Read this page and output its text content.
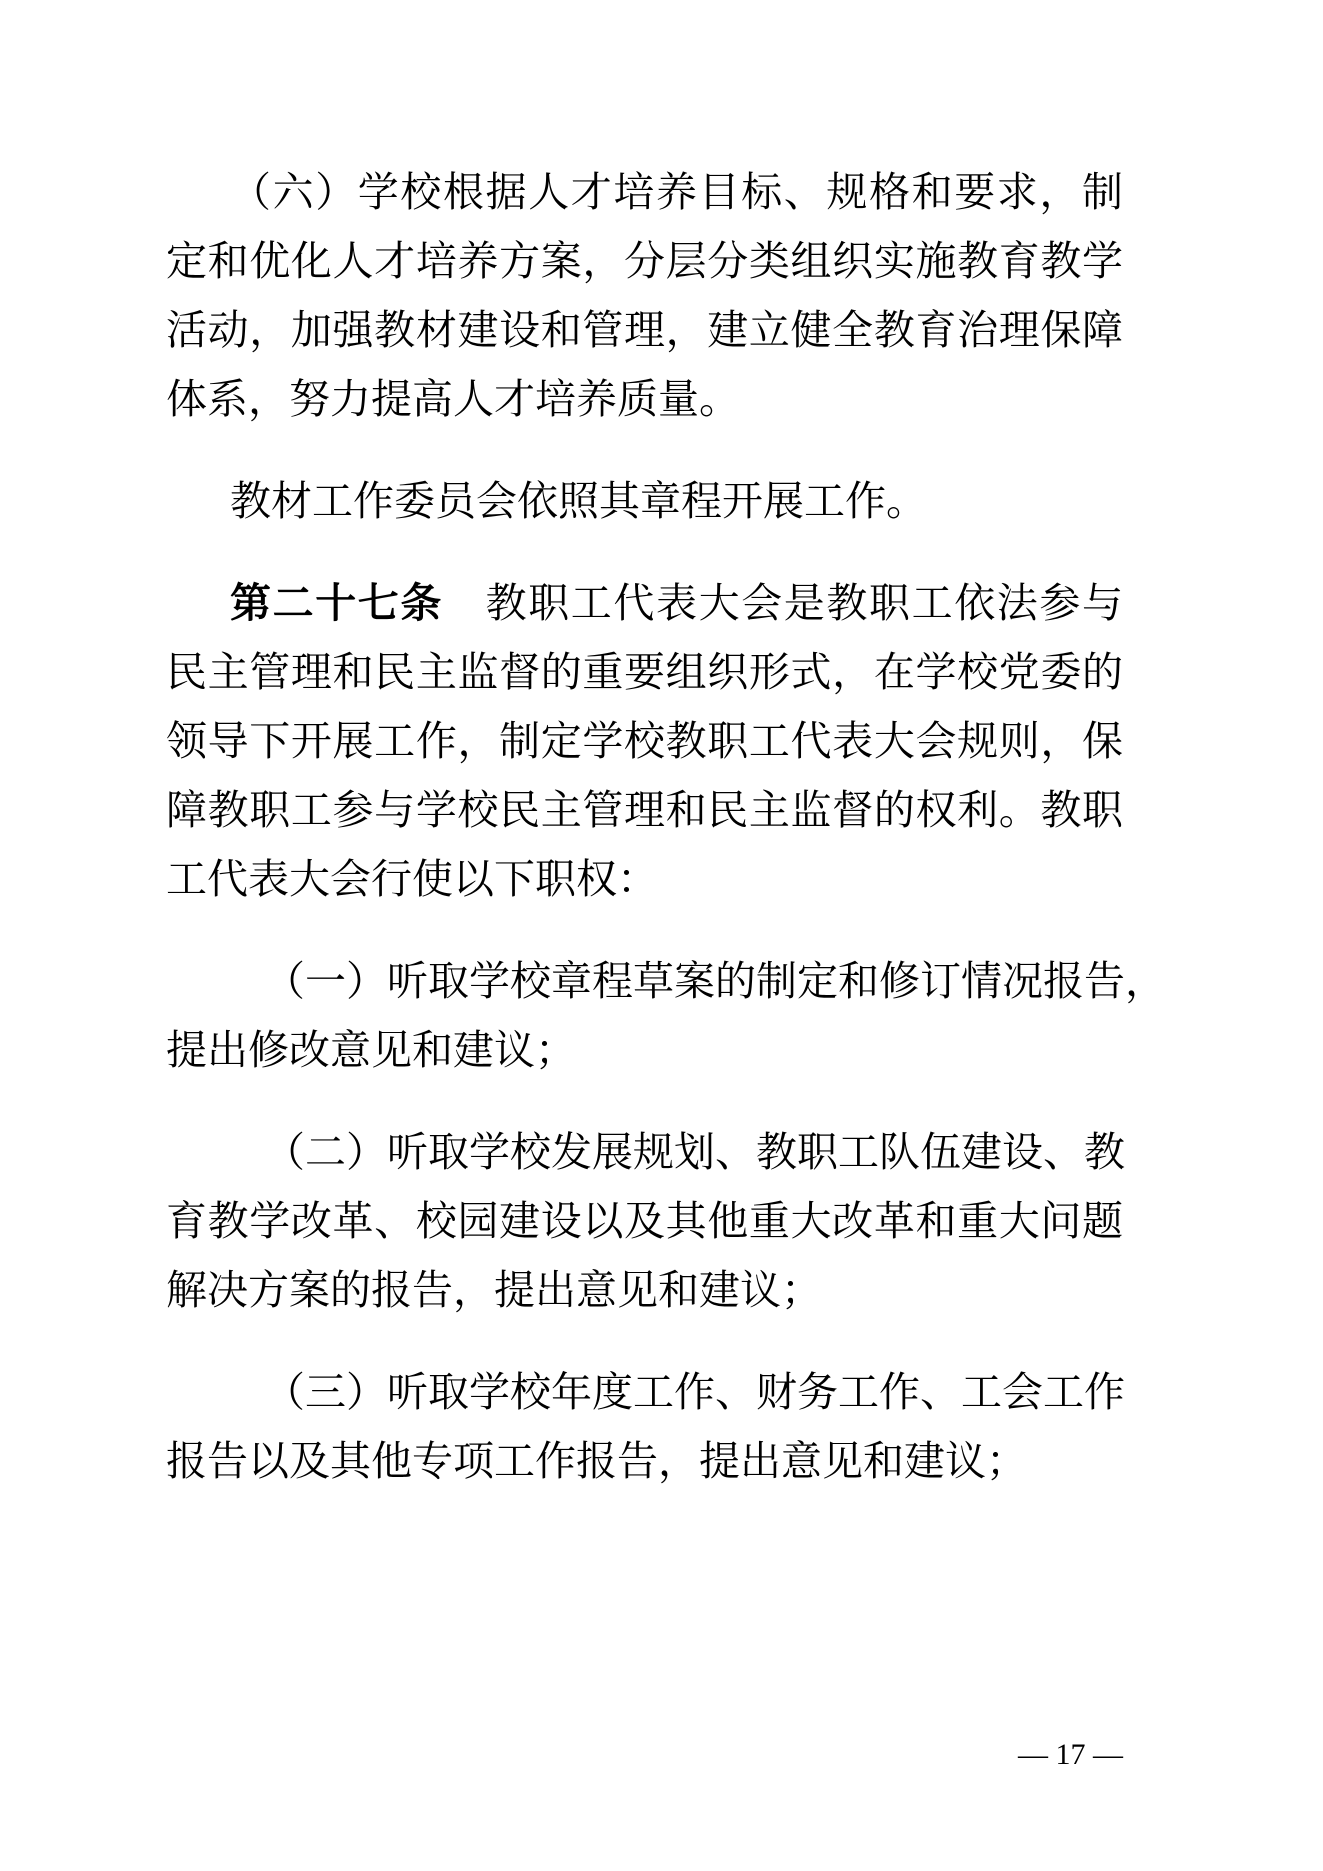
（六）学校根据人才培养目标、规格和要求，制
定和优化人才培养方案，分层分类组织实施教育教学
活动，加强教材建设和管理，建立健全教育治理保障
体系，努力提高人才培养质量。
教材工作委员会依照其章程开展工作。
第二十七条　教职工代表大会是教职工依法参与
民主管理和民主监督的重要组织形式，在学校党委的
领导下开展工作，制定学校教职工代表大会规则，保
障教职工参与学校民主管理和民主监督的权利。教职
工代表大会行使以下职权：
（一）听取学校章程草案的制定和修订情况报告，
提出修改意见和建议；
（二）听取学校发展规划、教职工队伍建设、教
育教学改革、校园建设以及其他重大改革和重大问题
解决方案的报告，提出意见和建议；
（三）听取学校年度工作、财务工作、工会工作
报告以及其他专项工作报告，提出意见和建议；
— 17 —
